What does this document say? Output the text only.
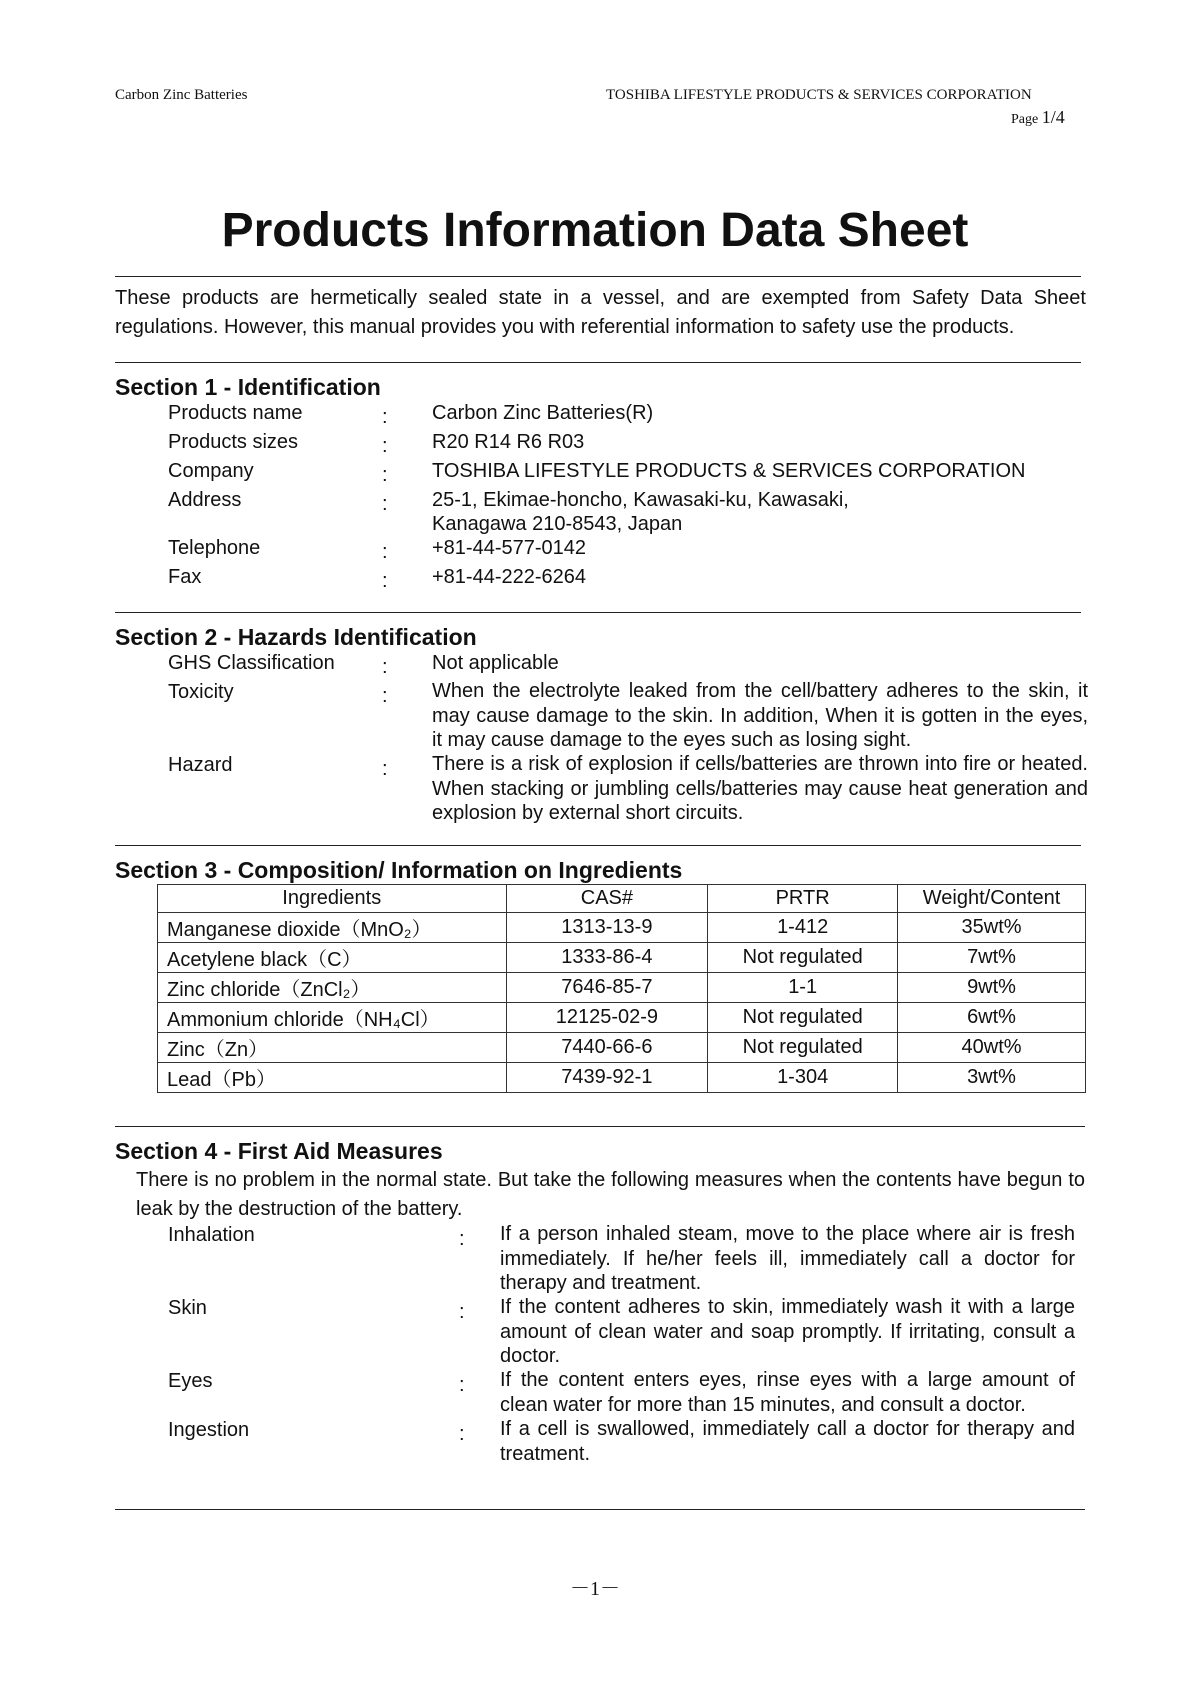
Carbon Zinc Batteries	TOSHIBA LIFESTYLE PRODUCTS & SERVICES CORPORATION
Page 1/4
Products Information Data Sheet
These products are hermetically sealed state in a vessel, and are exempted from Safety Data Sheet
regulations. However, this manual provides you with referential information to safety use the products.
Section 1 - Identification
Products name	: Carbon Zinc Batteries(R)
Products sizes	: R20 R14 R6 R03
Company	: TOSHIBA LIFESTYLE PRODUCTS & SERVICES CORPORATION
Address	: 25-1, Ekimae-honcho, Kawasaki-ku, Kawasaki,
Kanagawa 210-8543, Japan
Telephone	: +81-44-577-0142
Fax	: +81-44-222-6264
Section 2 - Hazards Identification
GHS Classification : Not applicable
Toxicity	: When the electrolyte leaked from the cell/battery adheres to the skin, it may cause damage to the skin. In addition, When it is gotten in the eyes, it may cause damage to the eyes such as losing sight.
Hazard	: There is a risk of explosion if cells/batteries are thrown into fire or heated. When stacking or jumbling cells/batteries may cause heat generation and explosion by external short circuits.
Section 3 - Composition/ Information on Ingredients
Ingredients	CAS#	PRTR	Weight/Content
Manganese dioxide（MnO₂）	1313-13-9	1-412	35wt%
Acetylene black（C）	1333-86-4	Not regulated	7wt%
Zinc chloride（ZnCl₂）	7646-85-7	1-1	9wt%
Ammonium chloride（NH₄Cl）	12125-02-9	Not regulated	6wt%
Zinc（Zn）	7440-66-6	Not regulated	40wt%
Lead（Pb）	7439-92-1	1-304	3wt%
Section 4 - First Aid Measures
There is no problem in the normal state. But take the following measures when the contents have begun to leak by the destruction of the battery.
Inhalation	: If a person inhaled steam, move to the place where air is fresh immediately. If he/her feels ill, immediately call a doctor for therapy and treatment.
Skin	: If the content adheres to skin, immediately wash it with a large amount of clean water and soap promptly. If irritating, consult a doctor.
Eyes	: If the content enters eyes, rinse eyes with a large amount of clean water for more than 15 minutes, and consult a doctor.
Ingestion	: If a cell is swallowed, immediately call a doctor for therapy and treatment.
－1－
